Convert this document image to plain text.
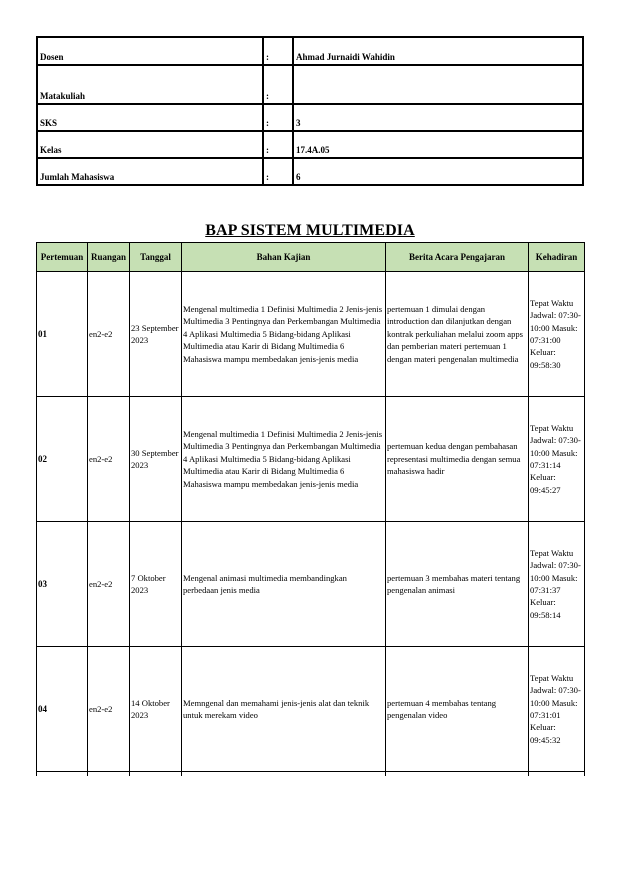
Dosen	:	Ahmad Jurnaidi Wahidin
Matakuliah	:	
SKS	:	3
Kelas	:	17.4A.05
Jumlah Mahasiswa	:	6
BAP SISTEM MULTIMEDIA
Pertemuan	Ruangan	Tanggal	Bahan Kajian	Berita Acara Pengajaran	Kehadiran
01	en2-e2	23 September 2023	Mengenal multimedia 1 Definisi Multimedia 2 Jenis-jenis Multimedia 3 Pentingnya dan Perkembangan Multimedia 4 Aplikasi Multimedia 5 Bidang-bidang Aplikasi Multimedia atau Karir di Bidang Multimedia 6 Mahasiswa mampu membedakan jenis-jenis media	pertemuan 1 dimulai dengan introduction dan dilanjutkan dengan kontrak perkuliahan melalui zoom apps dan pemberian materi pertemuan 1 dengan materi pengenalan multimedia	Tepat Waktu Jadwal: 07:30-10:00 Masuk: 07:31:00 Keluar: 09:58:30
02	en2-e2	30 September 2023	Mengenal multimedia 1 Definisi Multimedia 2 Jenis-jenis Multimedia 3 Pentingnya dan Perkembangan Multimedia 4 Aplikasi Multimedia 5 Bidang-bidang Aplikasi Multimedia atau Karir di Bidang Multimedia 6 Mahasiswa mampu membedakan jenis-jenis media	pertemuan kedua dengan pembahasan representasi multimedia dengan semua mahasiswa hadir	Tepat Waktu Jadwal: 07:30-10:00 Masuk: 07:31:14 Keluar: 09:45:27
03	en2-e2	7 Oktober 2023	Mengenal animasi multimedia membandingkan perbedaan jenis media	pertemuan 3 membahas materi tentang pengenalan animasi	Tepat Waktu Jadwal: 07:30-10:00 Masuk: 07:31:37 Keluar: 09:58:14
04	en2-e2	14 Oktober 2023	Memngenal dan memahami jenis-jenis alat dan teknik untuk merekam video	pertemuan 4 membahas tentang pengenalan video	Tepat Waktu Jadwal: 07:30-10:00 Masuk: 07:31:01 Keluar: 09:45:32
